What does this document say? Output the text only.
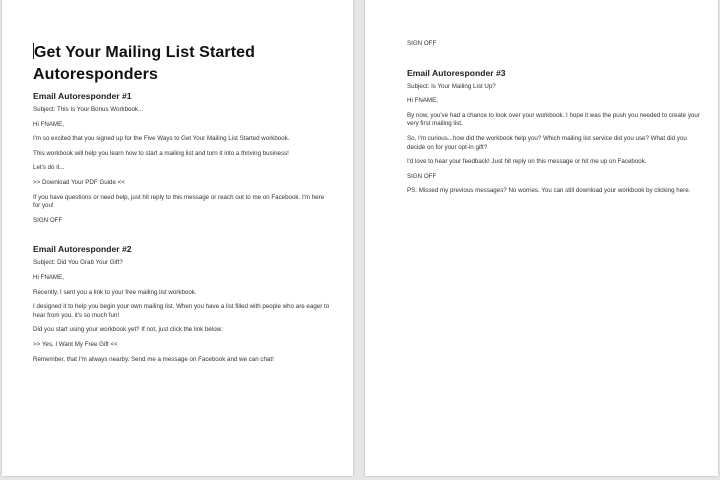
Get Your Mailing List Started Autoresponders
Email Autoresponder #1
Subject: This Is Your Bonus Workbook...
Hi FNAME,
I'm so excited that you signed up for the Five Ways to Get Your Mailing List Started workbook.
This workbook will help you learn how to start a mailing list and turn it into a thriving business!
Let's do it...
>> Download Your PDF Guide <<
If you have questions or need help, just hit reply to this message or reach out to me on Facebook. I'm here for you!
SIGN OFF
Email Autoresponder #2
Subject: Did You Grab Your Gift?
Hi FNAME,
Recently, I sent you a link to your free mailing list workbook.
I designed it to help you begin your own mailing list. When you have a list filled with people who are eager to hear from you, it's so much fun!
Did you start using your workbook yet? If not, just click the link below:
>> Yes, I Want My Free Gift <<
Remember, that I'm always nearby. Send me a message on Facebook and we can chat!
SIGN OFF
Email Autoresponder #3
Subject: Is Your Mailing List Up?
Hi FNAME,
By now, you've had a chance to look over your workbook. I hope it was the push you needed to create your very first mailing list.
So, I'm curious...how did the workbook help you? Which mailing list service did you use? What did you decide on for your opt-in gift?
I'd love to hear your feedback! Just hit reply on this message or hit me up on Facebook.
SIGN OFF
PS: Missed my previous messages? No worries. You can still download your workbook by clicking here.
